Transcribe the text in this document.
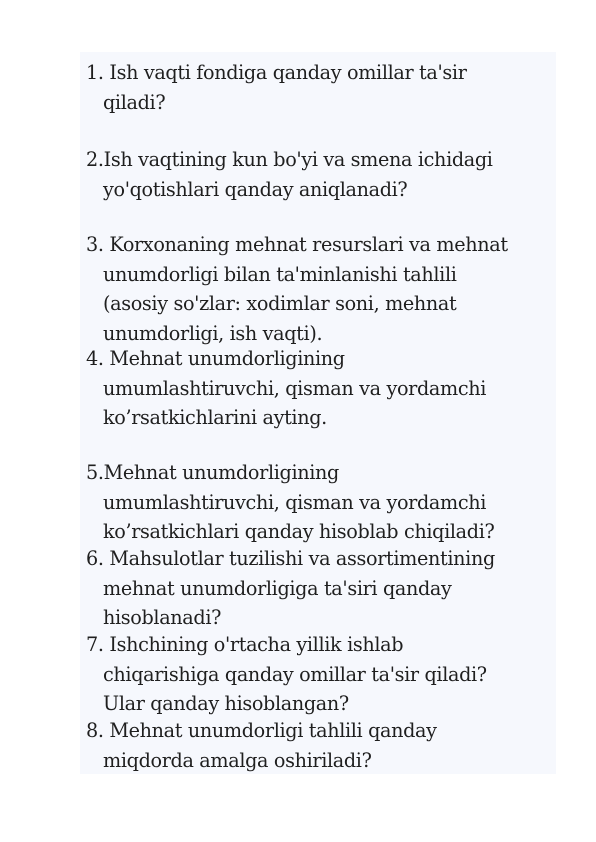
1. Ish vaqti fondiga qanday omillar ta'sir
qiladi?

2.Ish vaqtining kun bo'yi va smena ichidagi
yo'qotishlari qanday aniqlanadi?

3. Korxonaning mehnat resurslari va mehnat
unumdorligi bilan ta'minlanishi tahlili
(asosiy so'zlar: xodimlar soni, mehnat
unumdorligi, ish vaqti).

4. Mehnat unumdorligining
umumlashtiruvchi, qisman va yordamchi
ko’rsatkichlarini ayting.

5.Mehnat unumdorligining
umumlashtiruvchi, qisman va yordamchi
ko’rsatkichlari qanday hisoblab chiqiladi?

6. Mahsulotlar tuzilishi va assortimentining
mehnat unumdorligiga ta'siri qanday
hisoblanadi?

7. Ishchining o'rtacha yillik ishlab
chiqarishiga qanday omillar ta'sir qiladi?
Ular qanday hisoblangan?

8. Mehnat unumdorligi tahlili qanday
miqdorda amalga oshiriladi?
